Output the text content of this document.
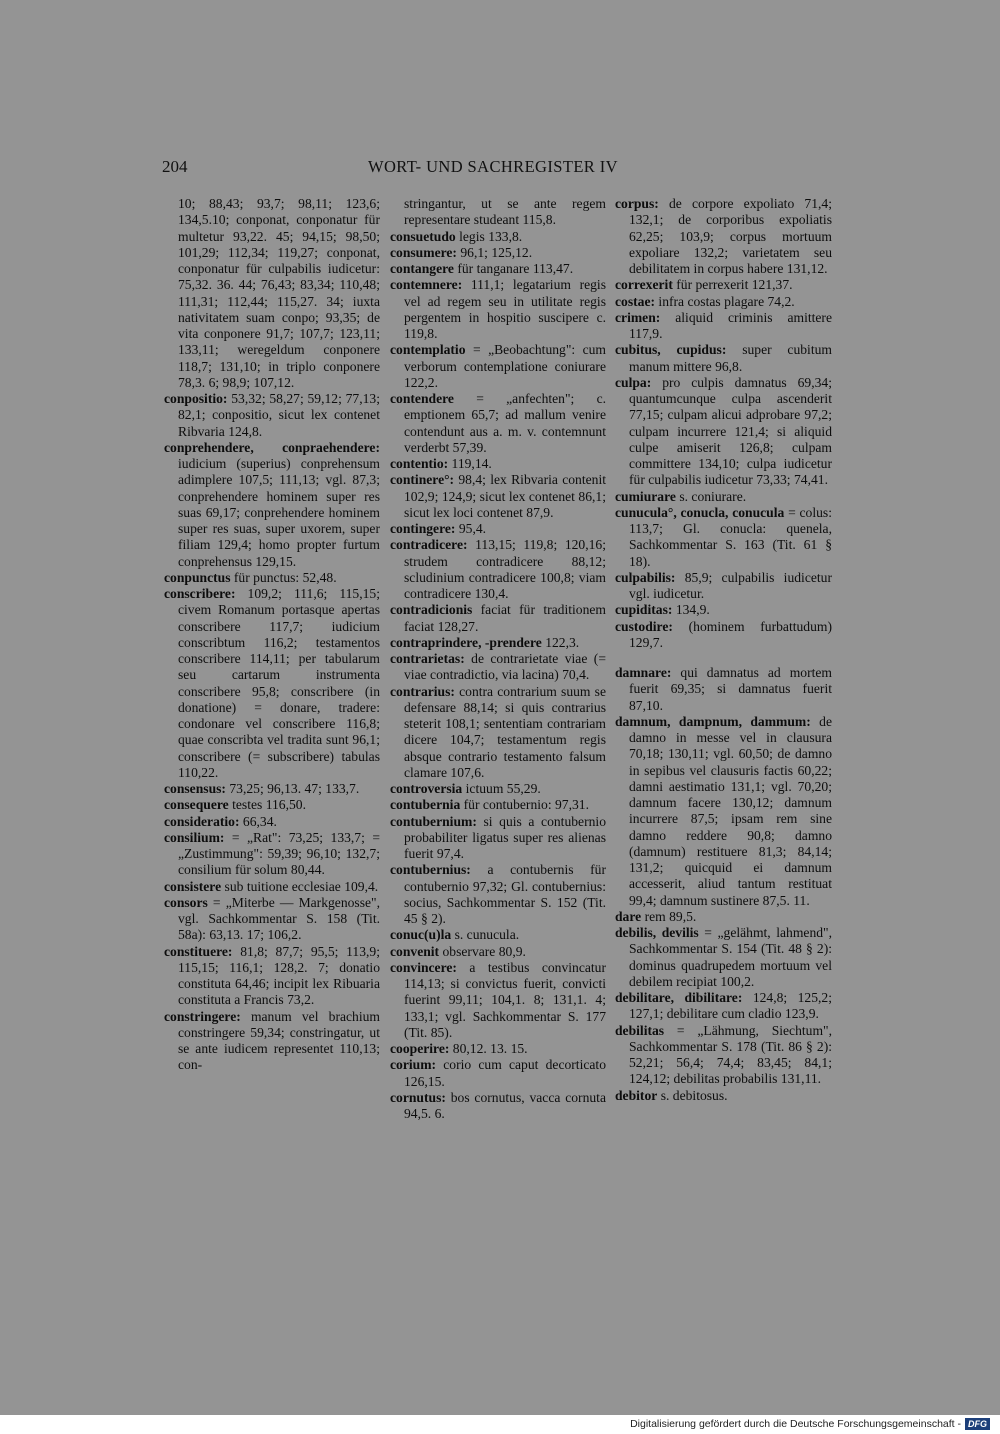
204	WORT- UND SACHREGISTER IV

10; 88,43; 93,7; 98,11; 123,6; 134,5.10; conponat, conponatur für multetur 93,22. 45; 94,15; 98,50; 101,29; 112,34; 119,27; conponat, conponatur für culpabilis iudicetur: 75,32. 36. 44; 76,43; 83,34; 110,48; 111,31; 112,44; 115,27. 34; iuxta nativitatem suam conpo; 93,35; de vita conponere 91,7; 107,7; 123,11; 133,11; weregeldum conponere 118,7; 131,10; in triplo conponere 78,3. 6; 98,9; 107,12.

conpositio: 53,32; 58,27; 59,12; 77,13; 82,1; conpositio, sicut lex contenet Ribvaria 124,8.

conprehendere, conpraehendere: iudicium (superius) conprehensum adimplere 107,5; 111,13; vgl. 87,3; conprehendere hominem super res suas 69,17; conprehendere hominem super res suas, super uxorem, super filiam 129,4; homo propter furtum conprehensus 129,15.

conpunctus für punctus: 52,48.

conscribere: 109,2; 111,6; 115,15; civem Romanum portasque apertas conscribere 117,7; iudicium conscribtum 116,2; testamentos conscribere 114,11; per tabularum seu cartarum instrumenta conscribere 95,8; conscribere (in donatione) = donare, tradere: condonare vel conscribere 116,8; quae conscribta vel tradita sunt 96,1; conscribere (= subscribere) tabulas 110,22.

consensus: 73,25; 96,13. 47; 133,7.

consequere testes 116,50.

consideratio: 66,34.

consilium: = „Rat": 73,25; 133,7; = „Zustimmung": 59,39; 96,10; 132,7; consilium für solum 80,44.

consistere sub tuitione ecclesiae 109,4.

consors = „Miterbe — Markgenosse", vgl. Sachkommentar S. 158 (Tit. 58a): 63,13. 17; 106,2.

constituere: 81,8; 87,7; 95,5; 113,9; 115,15; 116,1; 128,2. 7; donatio constituta 64,46; incipit lex Ribuaria constituta a Francis 73,2.

constringere: manum vel brachium constringere 59,34; constringatur, ut se ante iudicem representet 110,13; con-

stringantur, ut se ante regem representare studeant 115,8.

consuetudo legis 133,8.

consumere: 96,1; 125,12.

contangere für tanganare 113,47.

contemnere: 111,1; legatarium regis vel ad regem seu in utilitate regis pergentem in hospitio suscipere c. 119,8.

contemplatio = „Beobachtung": cum verborum contemplatione coniurare 122,2.

contendere = „anfechten"; c. emptionem 65,7; ad mallum venire contendunt aus a. m. v. contemnunt verderbt 57,39.

contentio: 119,14.

continere°: 98,4; lex Ribvaria contenit 102,9; 124,9; sicut lex contenet 86,1; sicut lex loci contenet 87,9.

contingere: 95,4.

contradicere: 113,15; 119,8; 120,16; strudem contradicere 88,12; scludinium contradicere 100,8; viam contradicere 130,4.

contradicionis faciat für traditionem faciat 128,27.

contraprindere, -prendere 122,3.

contrarietas: de contrarietate viae (= viae contradictio, via lacina) 70,4.

contrarius: contra contrarium suum se defensare 88,14; si quis contrarius steterit 108,1; sententiam contrariam dicere 104,7; testamentum regis absque contrario testamento falsum clamare 107,6.

controversia ictuum 55,29.

contubernia für contubernio: 97,31.

contubernium: si quis a contubernio probabiliter ligatus super res alienas fuerit 97,4.

contubernius: a contubernis für contubernio 97,32; Gl. contubernius: socius, Sachkommentar S. 152 (Tit. 45 § 2).

conuc(u)la s. cunucula.

convenit observare 80,9.

convincere: a testibus convincatur 114,13; si convictus fuerit, convicti fuerint 99,11; 104,1. 8; 131,1. 4; 133,1; vgl. Sachkommentar S. 177 (Tit. 85).

cooperire: 80,12. 13. 15.

corium: corio cum caput decorticato 126,15.

cornutus: bos cornutus, vacca cornuta 94,5. 6.

corpus: de corpore expoliato 71,4; 132,1; de corporibus expoliatis 62,25; 103,9; corpus mortuum expoliare 132,2; varietatem seu debilitatem in corpus habere 131,12.

correxerit für perrexerit 121,37.

costae: infra costas plagare 74,2.

crimen: aliquid criminis amittere 117,9.

cubitus, cupidus: super cubitum manum mittere 96,8.

culpa: pro culpis damnatus 69,34; quantumcunque culpa ascenderit 77,15; culpam alicui adprobare 97,2; culpam incurrere 121,4; si aliquid culpe amiserit 126,8; culpam committere 134,10; culpa iudicetur für culpabilis iudicetur 73,33; 74,41.

cumiurare s. coniurare.

cunucula°, conucla, conucula = colus: 113,7; Gl. conucla: quenela, Sachkommentar S. 163 (Tit. 61 § 18).

culpabilis: 85,9; culpabilis iudicetur vgl. iudicetur.

cupiditas: 134,9.

custodire: (hominem furbattudum) 129,7.

damnare: qui damnatus ad mortem fuerit 69,35; si damnatus fuerit 87,10.

damnum, dampnum, dammum: de damno in messe vel in clausura 70,18; 130,11; vgl. 60,50; de damno in sepibus vel clausuris factis 60,22; damni aestimatio 131,1; vgl. 70,20; damnum facere 130,12; damnum incurrere 87,5; ipsam rem sine damno reddere 90,8; damno (damnum) restituere 81,3; 84,14; 131,2; quicquid ei damnum accesserit, aliud tantum restituat 99,4; damnum sustinere 87,5. 11.

dare rem 89,5.

debilis, devilis = „gelähmt, lahmend", Sachkommentar S. 154 (Tit. 48 § 2): dominus quadrupedem mortuum vel debilem recipiat 100,2.

debilitare, dibilitare: 124,8; 125,2; 127,1; debilitare cum cladio 123,9.

debilitas = „Lähmung, Siechtum", Sachkommentar S. 178 (Tit. 86 § 2): 52,21; 56,4; 74,4; 83,45; 84,1; 124,12; debilitas probabilis 131,11.

debitor s. debitosus.

Digitalisierung gefördert durch die Deutsche Forschungsgemeinschaft - DFG
